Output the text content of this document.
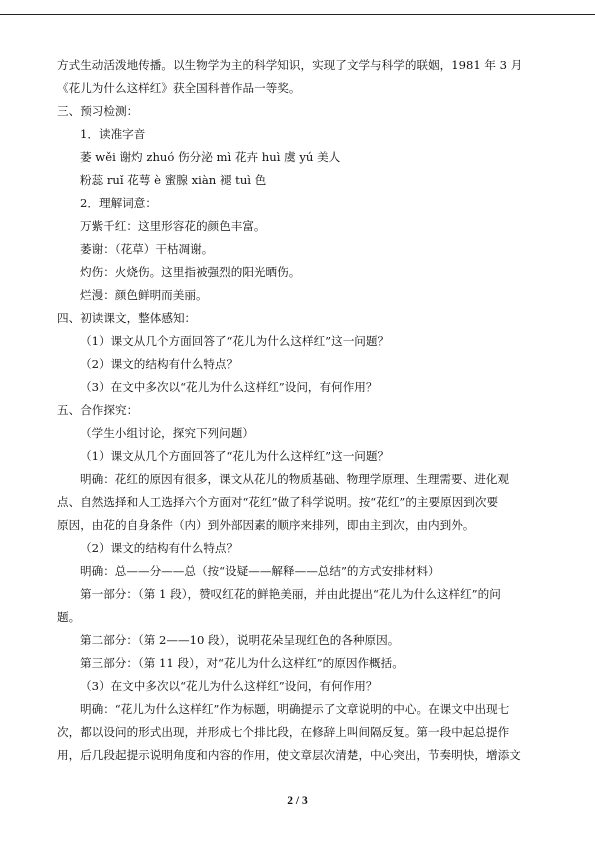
方式生动活泼地传播。以生物学为主的科学知识，实现了文学与科学的联姻，1981 年 3 月
《花儿为什么这样红》获全国科普作品一等奖。
三、预习检测：
1．读准字音
萎 wěi 谢灼 zhuó 伤分泌 mì 花卉 huì 虞 yú 美人
粉蕊 ruǐ 花萼 è 蜜腺 xiàn 褪 tuì 色
2．理解词意：
万紫千红：这里形容花的颜色丰富。
萎谢：（花草）干枯凋谢。
灼伤：火烧伤。这里指被强烈的阳光晒伤。
烂漫：颜色鲜明而美丽。
四、初读课文，整体感知：
（1）课文从几个方面回答了“花儿为什么这样红”这一问题？
（2）课文的结构有什么特点？
（3）在文中多次以“花儿为什么这样红”设问，有何作用？
五、合作探究：
（学生小组讨论，探究下列问题）
（1）课文从几个方面回答了“花儿为什么这样红”这一问题？
明确：花红的原因有很多，课文从花儿的物质基础、物理学原理、生理需要、进化观
点、自然选择和人工选择六个方面对“花红”做了科学说明。按“花红”的主要原因到次要
原因，由花的自身条件（内）到外部因素的顺序来排列，即由主到次，由内到外。
（2）课文的结构有什么特点？
明确：总——分——总（按“设疑——解释——总结”的方式安排材料）
第一部分：（第 1 段），赞叹红花的鲜艳美丽，并由此提出“花儿为什么这样红”的问
题。
第二部分：（第 2——10 段），说明花朵呈现红色的各种原因。
第三部分：（第 11 段），对“花儿为什么这样红”的原因作概括。
（3）在文中多次以“花儿为什么这样红”设问，有何作用？
明确：“花儿为什么这样红”作为标题，明确提示了文章说明的中心。在课文中出现七
次，都以设问的形式出现，并形成七个排比段，在修辞上叫间隔反复。第一段中起总提作
用，后几段起提示说明角度和内容的作用，使文章层次清楚，中心突出，节奏明快，增添文
2 / 3
